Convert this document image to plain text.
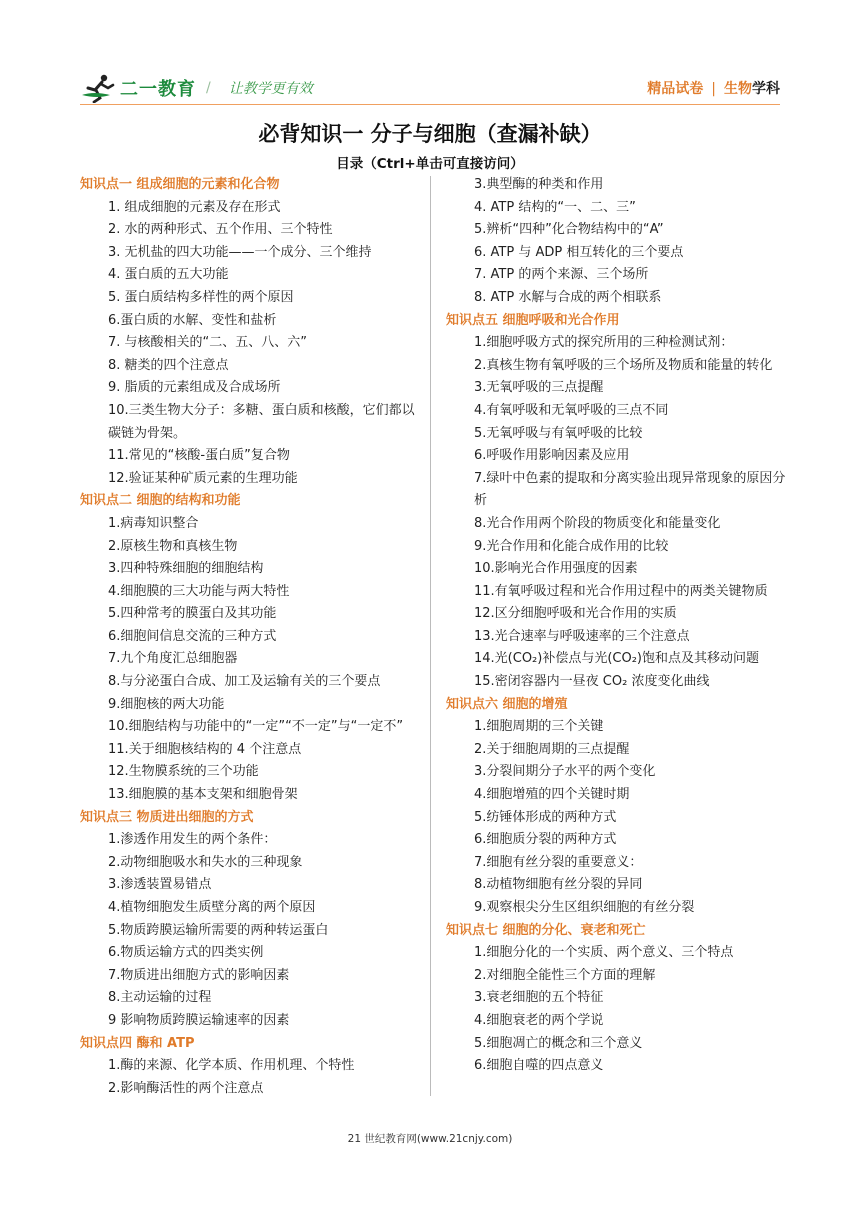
二一教育 / 让教学更有效	精品试卷 | 生物学科
必背知识一 分子与细胞（查漏补缺）
目录（Ctrl+单击可直接访问）
知识点一 组成细胞的元素和化合物
1. 组成细胞的元素及存在形式
2. 水的两种形式、五个作用、三个特性
3. 无机盐的四大功能——一个成分、三个维持
4. 蛋白质的五大功能
5. 蛋白质结构多样性的两个原因
6.蛋白质的水解、变性和盐析
7. 与核酸相关的“二、五、八、六”
8. 糖类的四个注意点
9. 脂质的元素组成及合成场所
10.三类生物大分子：多糖、蛋白质和核酸，它们都以碳链为骨架。
11.常见的“核酸-蛋白质”复合物
12.验证某种矿质元素的生理功能
知识点二 细胞的结构和功能
1.病毒知识整合
2.原核生物和真核生物
3.四种特殊细胞的细胞结构
4.细胞膜的三大功能与两大特性
5.四种常考的膜蛋白及其功能
6.细胞间信息交流的三种方式
7.九个角度汇总细胞器
8.与分泌蛋白合成、加工及运输有关的三个要点
9.细胞核的两大功能
10.细胞结构与功能中的“一定”“不一定”与“一定不”
11.关于细胞核结构的 4 个注意点
12.生物膜系统的三个功能
13.细胞膜的基本支架和细胞骨架
知识点三 物质进出细胞的方式
1.渗透作用发生的两个条件：
2.动物细胞吸水和失水的三种现象
3.渗透装置易错点
4.植物细胞发生质壁分离的两个原因
5.物质跨膜运输所需要的两种转运蛋白
6.物质运输方式的四类实例
7.物质进出细胞方式的影响因素
8.主动运输的过程
9 影响物质跨膜运输速率的因素
知识点四 酶和 ATP
1.酶的来源、化学本质、作用机理、个特性
2.影响酶活性的两个注意点
3.典型酶的种类和作用
4. ATP 结构的“一、二、三”
5.辨析“四种”化合物结构中的“A”
6. ATP 与 ADP 相互转化的三个要点
7. ATP 的两个来源、三个场所
8. ATP 水解与合成的两个相联系
知识点五 细胞呼吸和光合作用
1.细胞呼吸方式的探究所用的三种检测试剂：
2.真核生物有氧呼吸的三个场所及物质和能量的转化
3.无氧呼吸的三点提醒
4.有氧呼吸和无氧呼吸的三点不同
5.无氧呼吸与有氧呼吸的比较
6.呼吸作用影响因素及应用
7.绿叶中色素的提取和分离实验出现异常现象的原因分析
8.光合作用两个阶段的物质变化和能量变化
9.光合作用和化能合成作用的比较
10.影响光合作用强度的因素
11.有氧呼吸过程和光合作用过程中的两类关键物质
12.区分细胞呼吸和光合作用的实质
13.光合速率与呼吸速率的三个注意点
14.光(CO₂)补偿点与光(CO₂)饱和点及其移动问题
15.密闭容器内一昼夜 CO₂ 浓度变化曲线
知识点六 细胞的增殖
1.细胞周期的三个关键
2.关于细胞周期的三点提醒
3.分裂间期分子水平的两个变化
4.细胞增殖的四个关键时期
5.纺锤体形成的两种方式
6.细胞质分裂的两种方式
7.细胞有丝分裂的重要意义：
8.动植物细胞有丝分裂的异同
9.观察根尖分生区组织细胞的有丝分裂
知识点七 细胞的分化、衰老和死亡
1.细胞分化的一个实质、两个意义、三个特点
2.对细胞全能性三个方面的理解
3.衰老细胞的五个特征
4.细胞衰老的两个学说
5.细胞凋亡的概念和三个意义
6.细胞自噬的四点意义
21 世纪教育网(www.21cnjy.com)
